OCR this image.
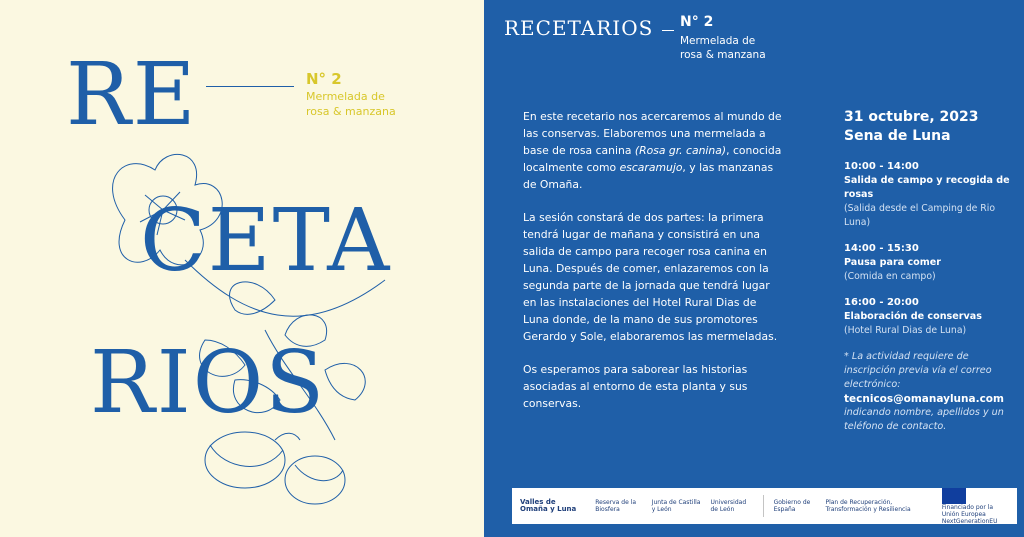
RE
CETA
RIOS
N° 2
Mermelada de
rosa & manzana
RECETARIOS N° 2
Mermelada de
rosa & manzana

En este recetario nos acercaremos al mundo de las conservas. Elaboremos una mermelada a base de rosa canina (Rosa gr. canina), conocida localmente como escaramujo, y las manzanas de Omaña.

La sesión constará de dos partes: la primera tendrá lugar de mañana y consistirá en una salida de campo para recoger rosa canina en Luna. Después de comer, enlazaremos con la segunda parte de la jornada que tendrá lugar en las instalaciones del Hotel Rural Dias de Luna donde, de la mano de sus promotores Gerardo y Sole, elaboraremos las mermeladas.

Os esperamos para saborear las historias asociadas al entorno de esta planta y sus conservas.

31 octubre, 2023
Sena de Luna
10:00 - 14:00
Salida de campo y recogida de rosas
(Salida desde el Camping de Rio Luna)
14:00 - 15:30
Pausa para comer
(Comida en campo)
16:00 - 20:00
Elaboración de conservas
(Hotel Rural Dias de Luna)
* La actividad requiere de inscripción previa vía el correo electrónico:
tecnicos@omanayluna.com
indicando nombre, apellidos y un teléfono de contacto.
Valles de Omaña y Luna
Reserva de la Biosfera
Junta de Castilla y León
Universidad de León
Gobierno de España
Plan de Recuperación, Transformación y Resiliencia	Financiado por la Unión Europea
NextGenerationEU
